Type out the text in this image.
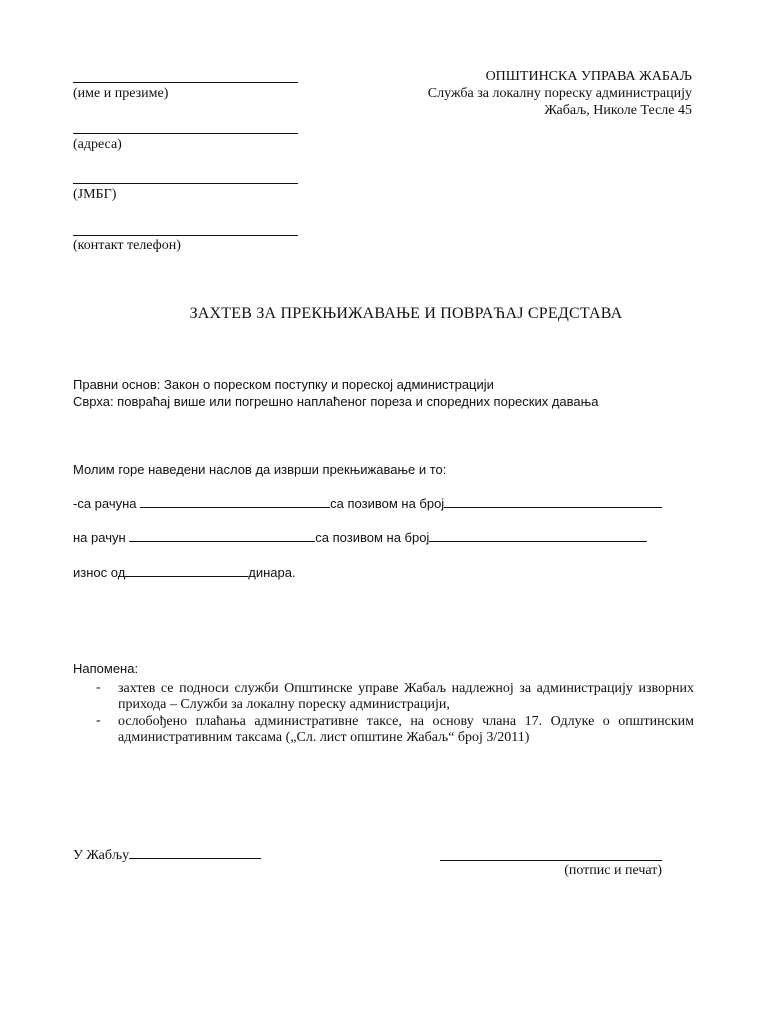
(име и презиме)
(адреса)
(ЈМБГ)
(контакт телефон)
ОПШТИНСКА УПРАВА ЖАБАЉ
Служба за локалну пореску администрацију
Жабаљ, Николе Тесле 45
ЗАХТЕВ ЗА ПРЕКЊИЖАВАЊЕ И ПОВРАЋАЈ СРЕДСТАВА
Правни основ: Закон о пореском поступку и пореској администрацији
Сврха: повраћај више или погрешно наплаћеног пореза и споредних пореских давања
Молим горе наведени наслов да изврши прекњижавање и то:
-са рачуна	са позивом на број
на рачун	са позивом на број
износ од	динара.
Напомена:
- захтев се подноси служби Општинске управе Жабаљ надлежној за администрацију изворних прихода – Служби за локалну пореску администрацији,
- ослобођено плаћања административне таксе, на основу члана 17. Одлуке о општинским административним таксама („Сл. лист општине Жабаљ“ број 3/2011)
У Жабљу
(потпис и печат)
